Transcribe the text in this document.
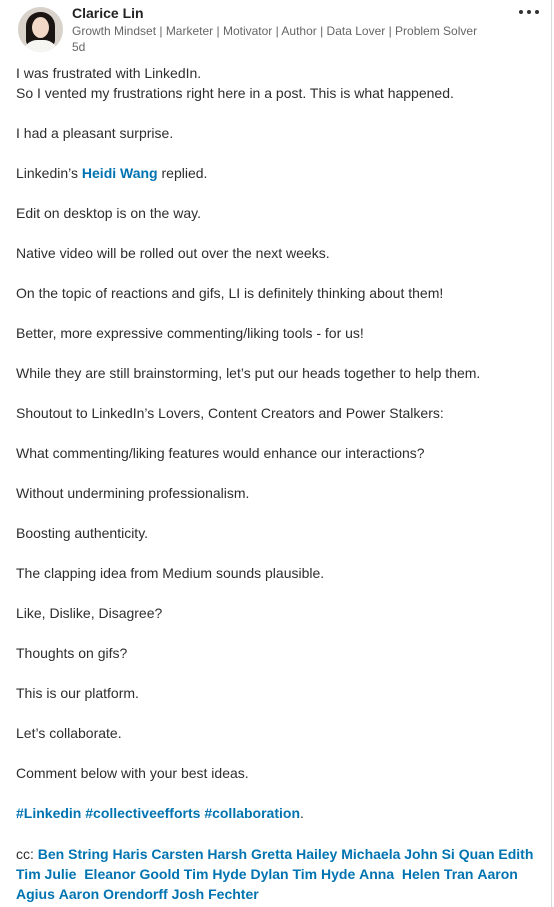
Clarice Lin
Growth Mindset | Marketer | Motivator | Author | Data Lover | Problem Solver
5d
I was frustrated with LinkedIn.
So I vented my frustrations right here in a post. This is what happened.
I had a pleasant surprise.
Linkedin’s Heidi Wang replied.
Edit on desktop is on the way.
Native video will be rolled out over the next weeks.
On the topic of reactions and gifs, LI is definitely thinking about them!
Better, more expressive commenting/liking tools - for us!
While they are still brainstorming, let’s put our heads together to help them.
Shoutout to LinkedIn’s Lovers, Content Creators and Power Stalkers:
What commenting/liking features would enhance our interactions?
Without undermining professionalism.
Boosting authenticity.
The clapping idea from Medium sounds plausible.
Like, Dislike, Disagree?
Thoughts on gifs?
This is our platform.
Let’s collaborate.
Comment below with your best ideas.
#Linkedin #collectiveefforts #collaboration.
cc: Ben String Haris Carsten Harsh Gretta Hailey Michaela John Si Quan Edith Tim Julie Eleanor Goold Tim Hyde Dylan Tim Hyde Anna Helen Tran Aaron Agius Aaron Orendorff Josh Fechter
